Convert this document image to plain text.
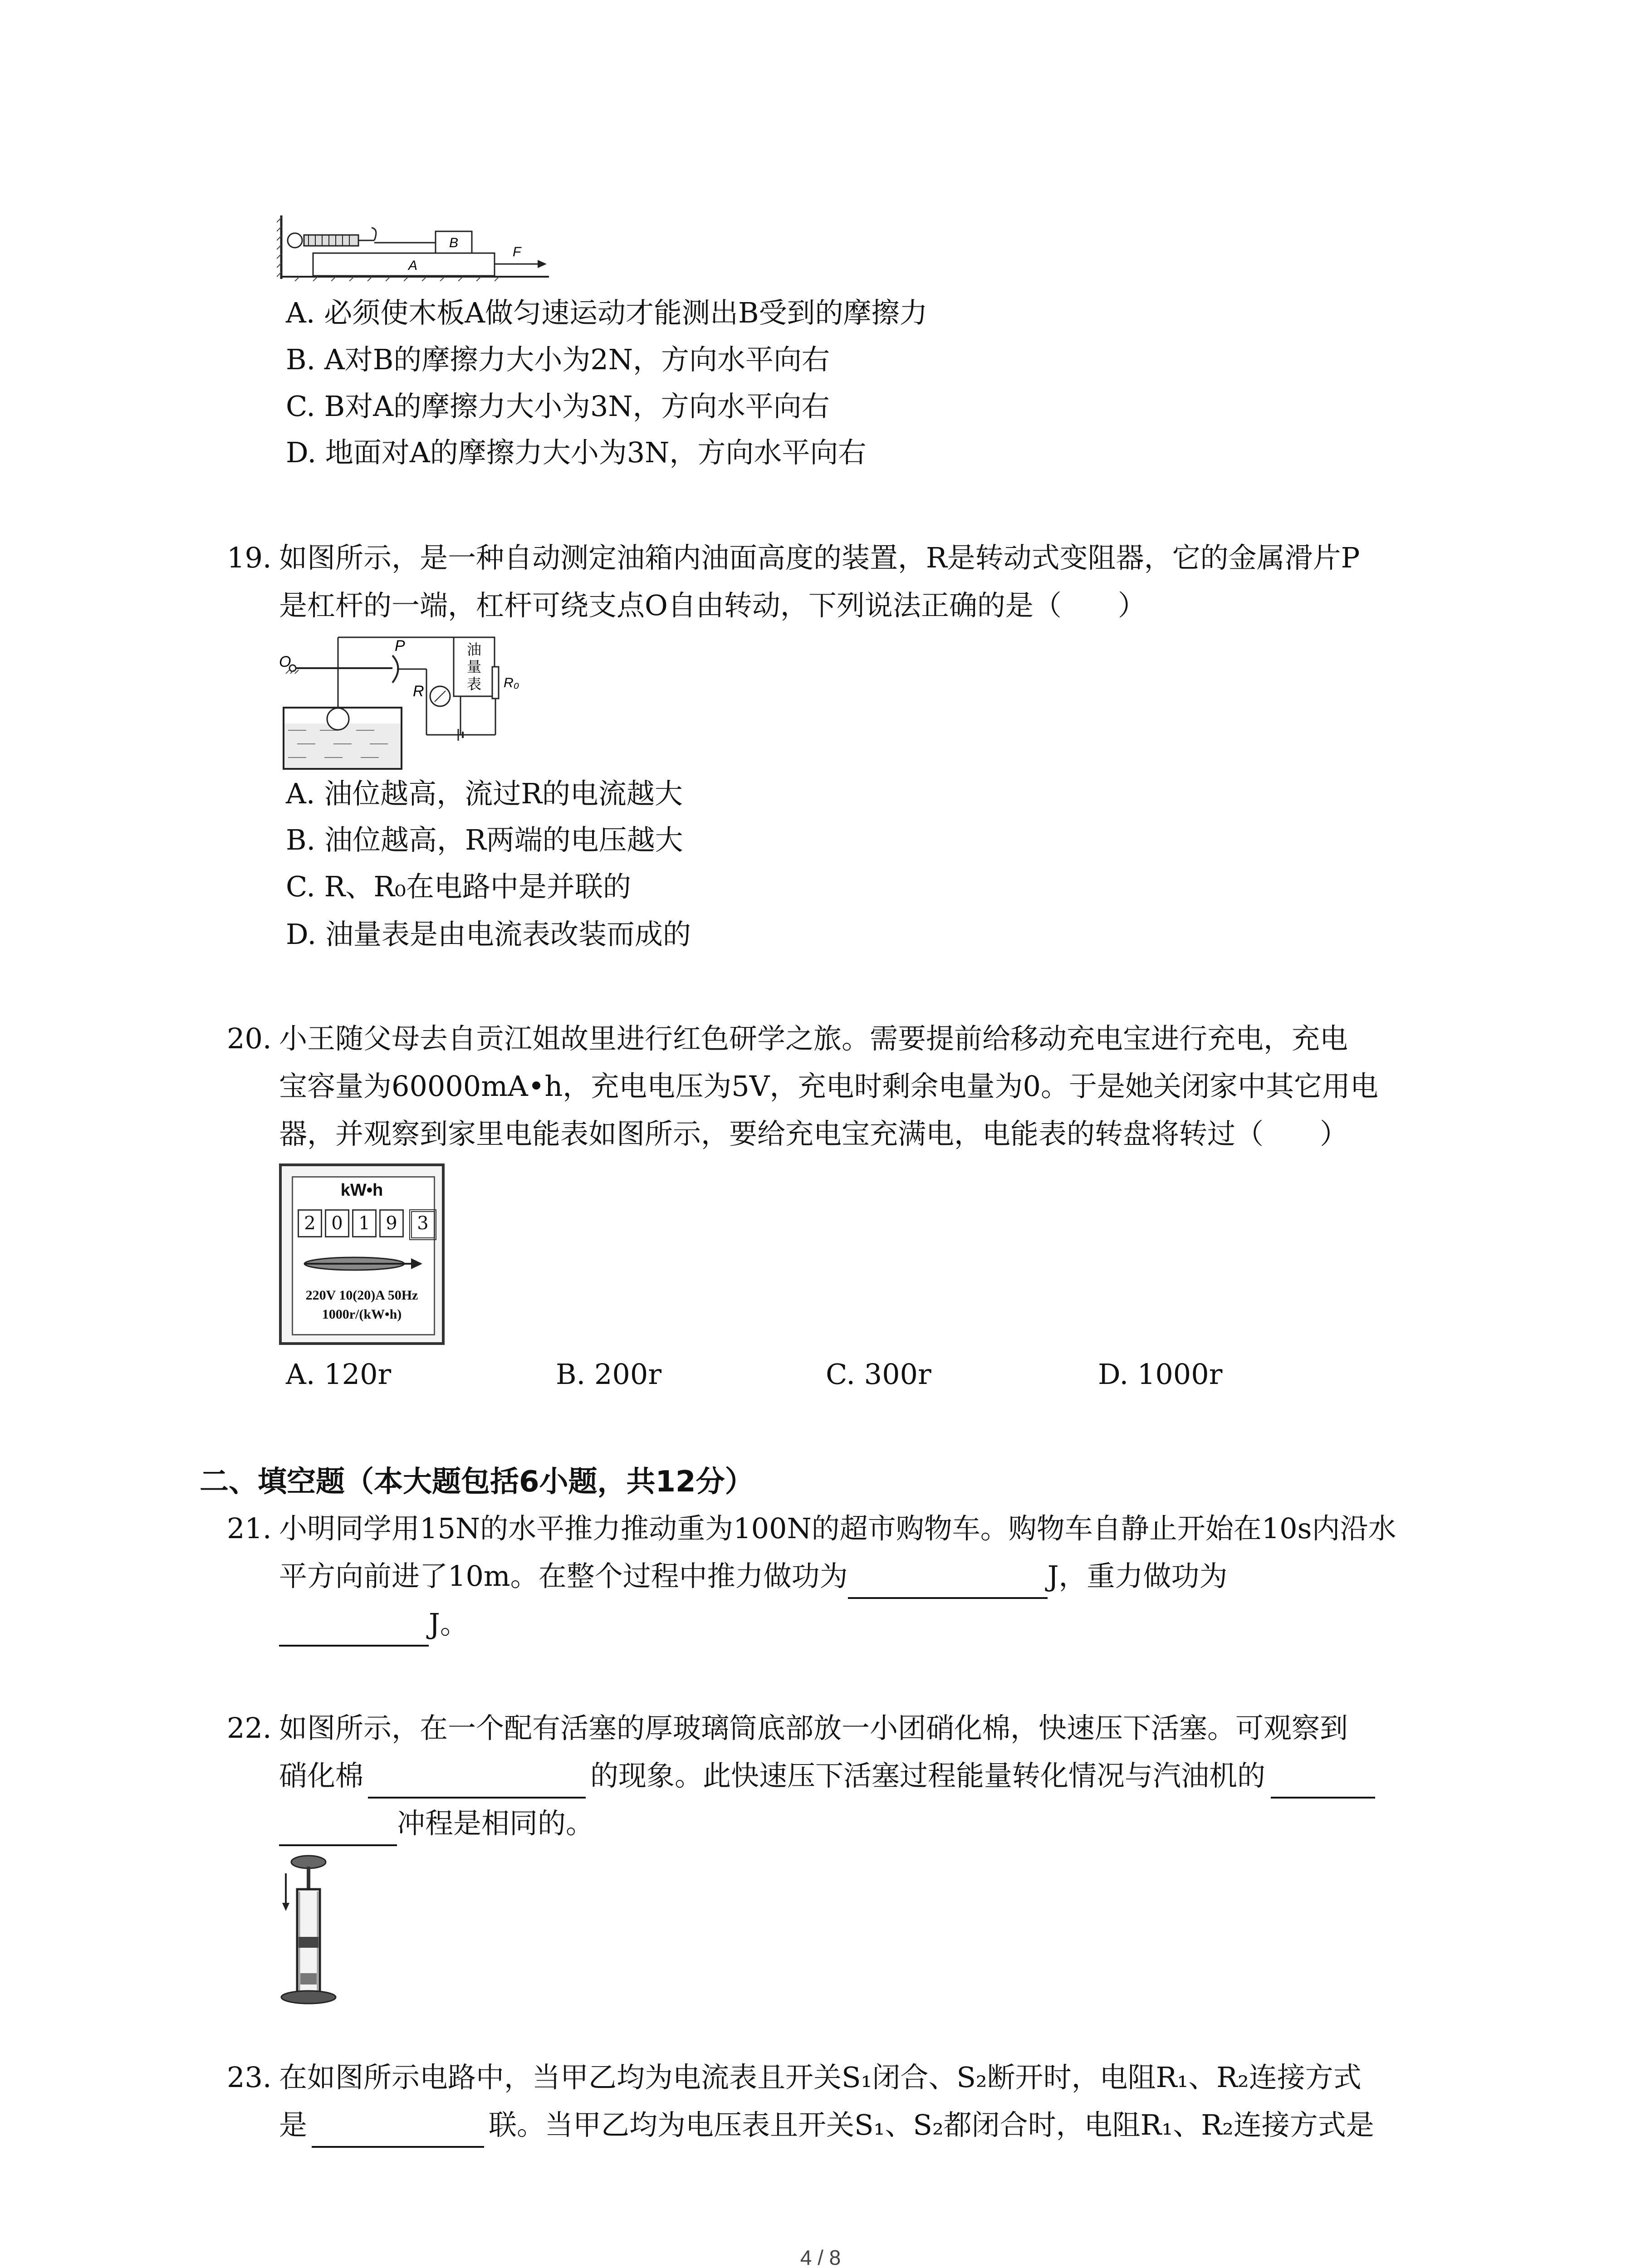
B
A
F
A. 必须使木板A做匀速运动才能测出B受到的摩擦力
B. A对B的摩擦力大小为2N，方向水平向右
C. B对A的摩擦力大小为3N，方向水平向右
D. 地面对A的摩擦力大小为3N，方向水平向右
19. 如图所示，是一种自动测定油箱内油面高度的装置，R是转动式变阻器，它的金属滑片P
是杠杆的一端，杠杆可绕支点O自由转动，下列说法正确的是（　　）
O
P
R
油
量
表 R₀
A. 油位越高，流过R的电流越大
B. 油位越高，R两端的电压越大
C. R、R₀在电路中是并联的
D. 油量表是由电流表改装而成的
20. 小王随父母去自贡江姐故里进行红色研学之旅。需要提前给移动充电宝进行充电，充电
宝容量为60000mA•h，充电电压为5V，充电时剩余电量为0。于是她关闭家中其它用电
器，并观察到家里电能表如图所示，要给充电宝充满电，电能表的转盘将转过（　　）
kW•h
2 0 1 9	3
220V 10(20)A 50Hz
1000r/(kW•h)
A. 120r	B. 200r	C. 300r	D. 1000r
二、填空题（本大题包括6小题，共12分）
21. 小明同学用15N的水平推力推动重为100N的超市购物车。购物车自静止开始在10s内沿水
平方向前进了10m。在整个过程中推力做功为	J，重力做功为
J。
22. 如图所示，在一个配有活塞的厚玻璃筒底部放一小团硝化棉，快速压下活塞。可观察到
硝化棉	的现象。此快速压下活塞过程能量转化情况与汽油机的
冲程是相同的。
23. 在如图所示电路中，当甲乙均为电流表且开关S₁闭合、S₂断开时，电阻R₁、R₂连接方式
是	联。当甲乙均为电压表且开关S₁、S₂都闭合时，电阻R₁、R₂连接方式是
4 / 8
